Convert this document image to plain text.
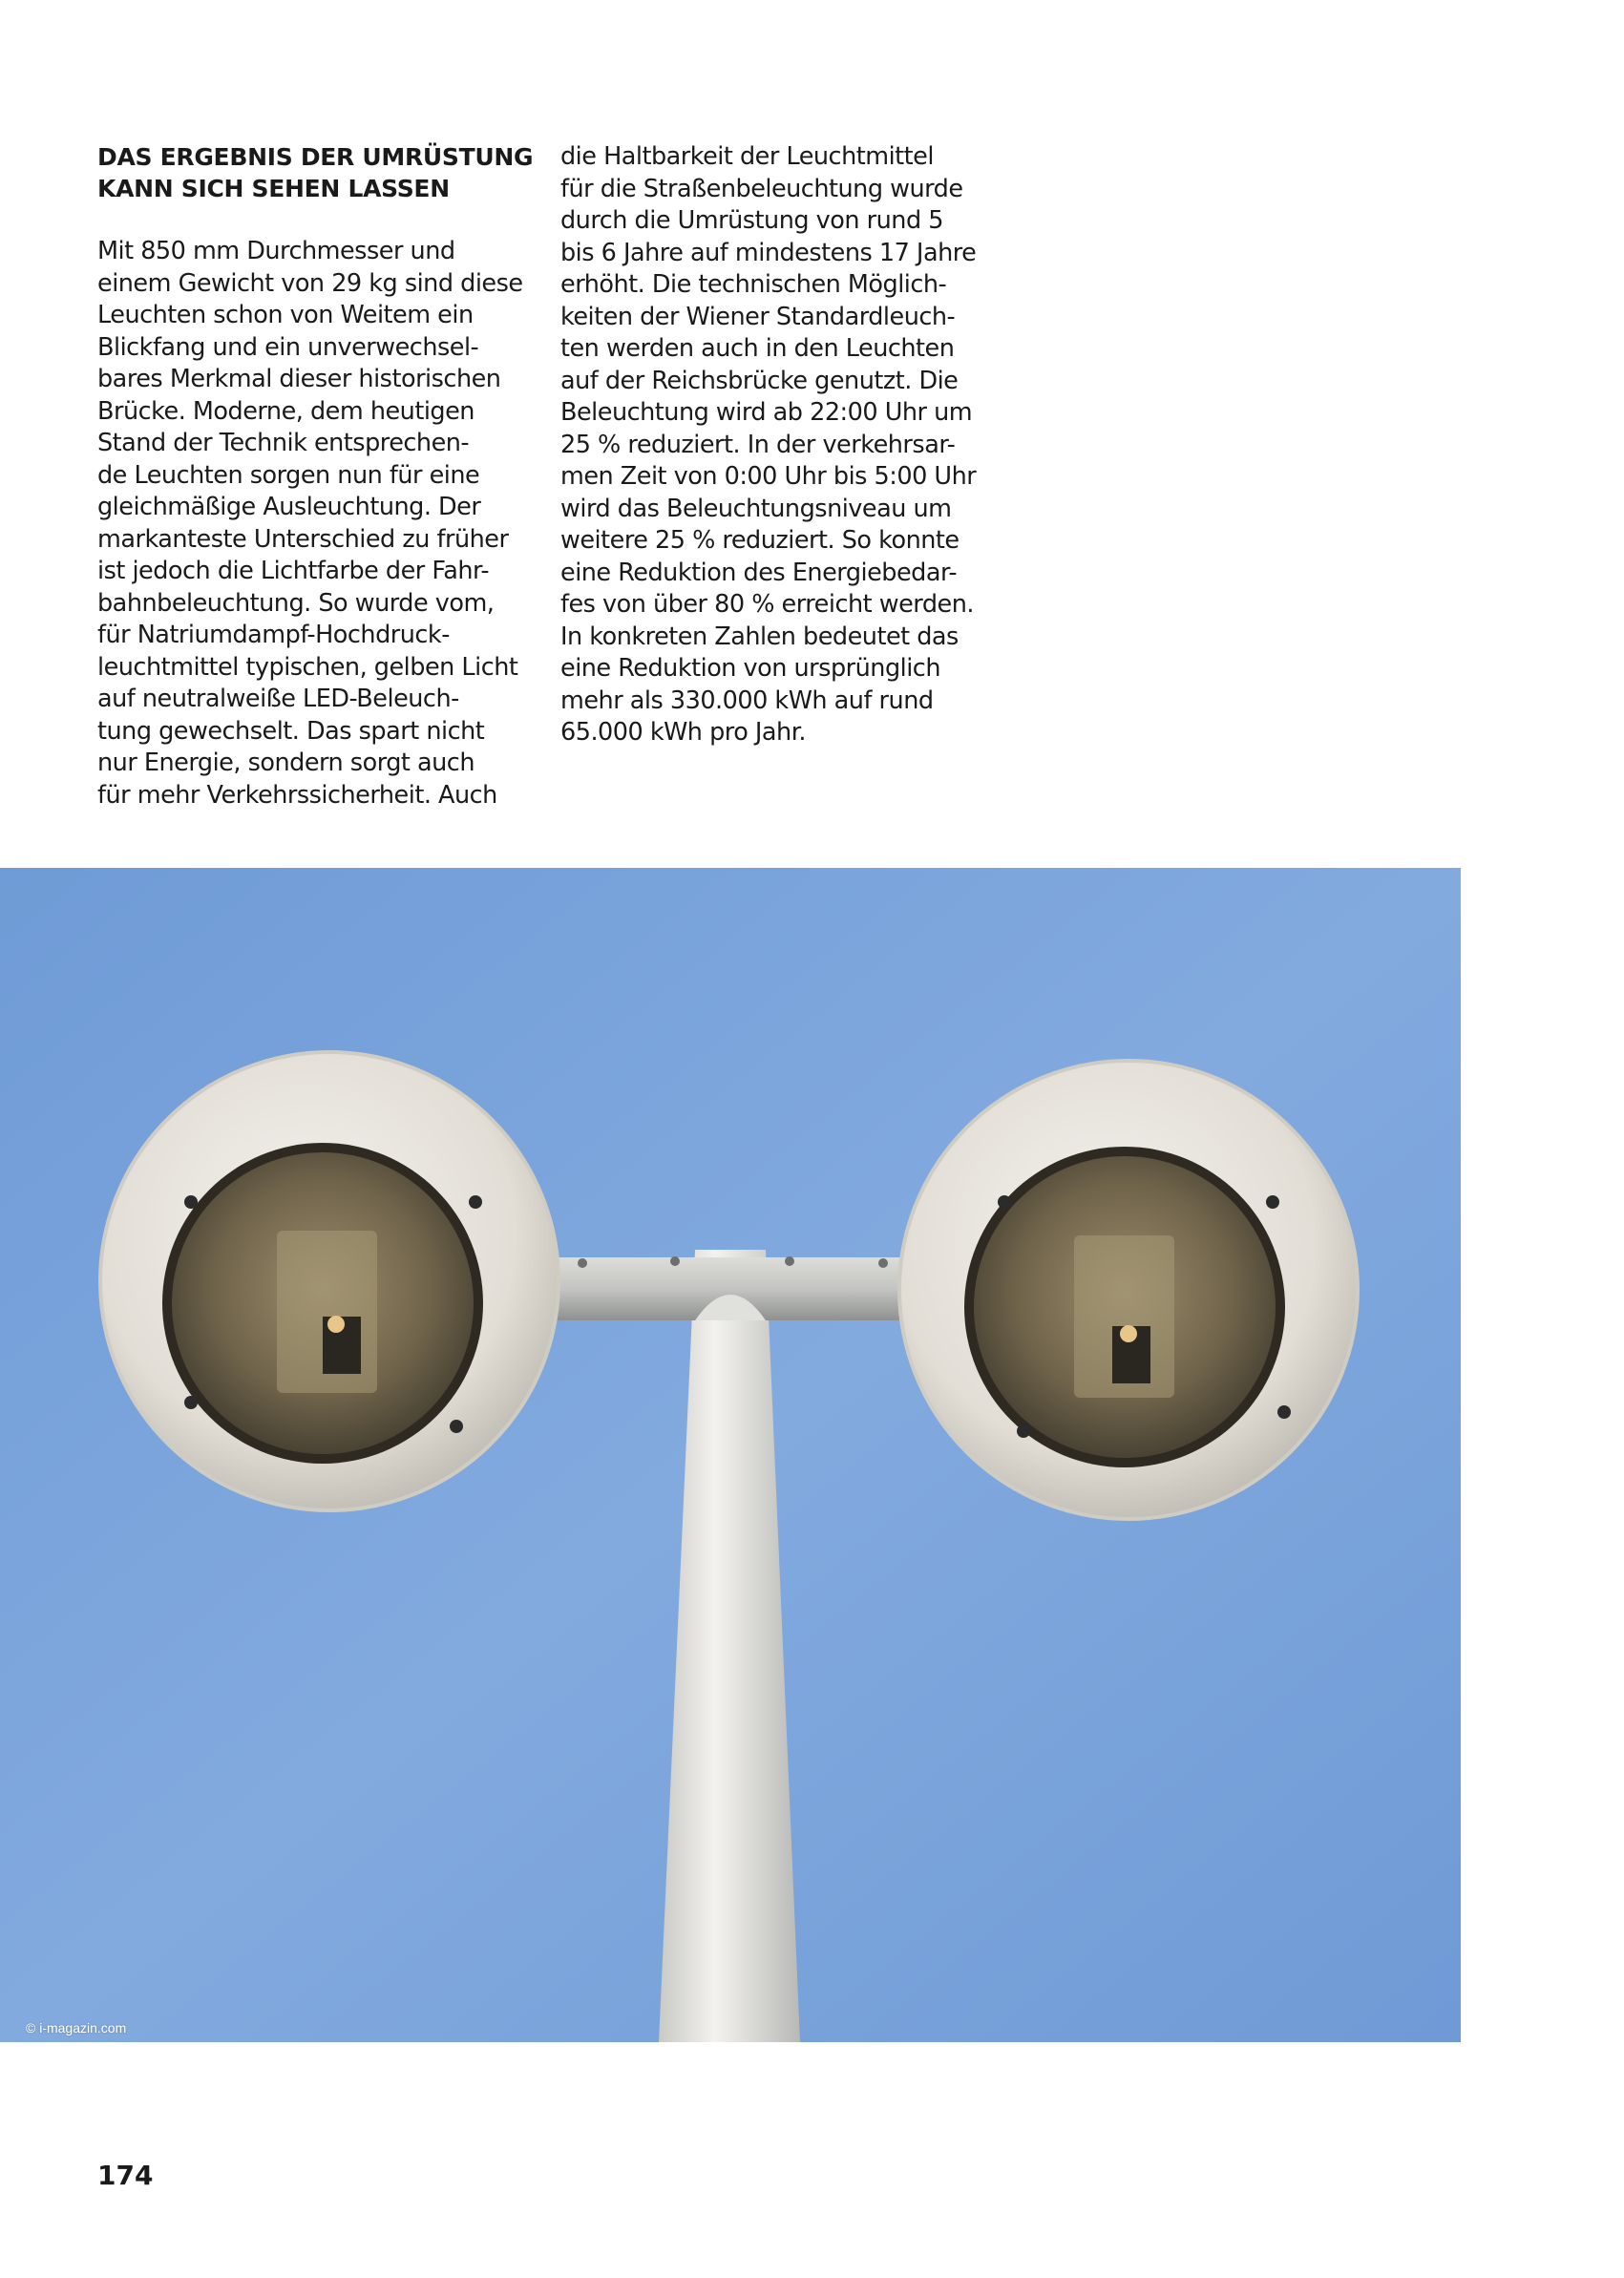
DAS ERGEBNIS DER UMRÜSTUNG
KANN SICH SEHEN LASSEN
Mit 850 mm Durchmesser und
einem Gewicht von 29 kg sind diese
Leuchten schon von Weitem ein
Blickfang und ein unverwechsel-
bares Merkmal dieser historischen
Brücke. Moderne, dem heutigen
Stand der Technik entsprechen-
de Leuchten sorgen nun für eine
gleichmäßige Ausleuchtung. Der
markanteste Unterschied zu früher
ist jedoch die Lichtfarbe der Fahr-
bahnbeleuchtung. So wurde vom,
für Natriumdampf-Hochdruck-
leuchtmittel typischen, gelben Licht
auf neutralweiße LED-Beleuch-
tung gewechselt. Das spart nicht
nur Energie, sondern sorgt auch
für mehr Verkehrssicherheit. Auch
die Haltbarkeit der Leuchtmittel
für die Straßenbeleuchtung wurde
durch die Umrüstung von rund 5
bis 6 Jahre auf mindestens 17 Jahre
erhöht. Die technischen Möglich-
keiten der Wiener Standardleuch-
ten werden auch in den Leuchten
auf der Reichsbrücke genutzt. Die
Beleuchtung wird ab 22:00 Uhr um
25 % reduziert. In der verkehrsar-
men Zeit von 0:00 Uhr bis 5:00 Uhr
wird das Beleuchtungsniveau um
weitere 25 % reduziert. So konnte
eine Reduktion des Energiebedar-
fes von über 80 % erreicht werden.
In konkreten Zahlen bedeutet das
eine Reduktion von ursprünglich
mehr als 330.000 kWh auf rund
65.000 kWh pro Jahr.
© i-magazin.com
174
